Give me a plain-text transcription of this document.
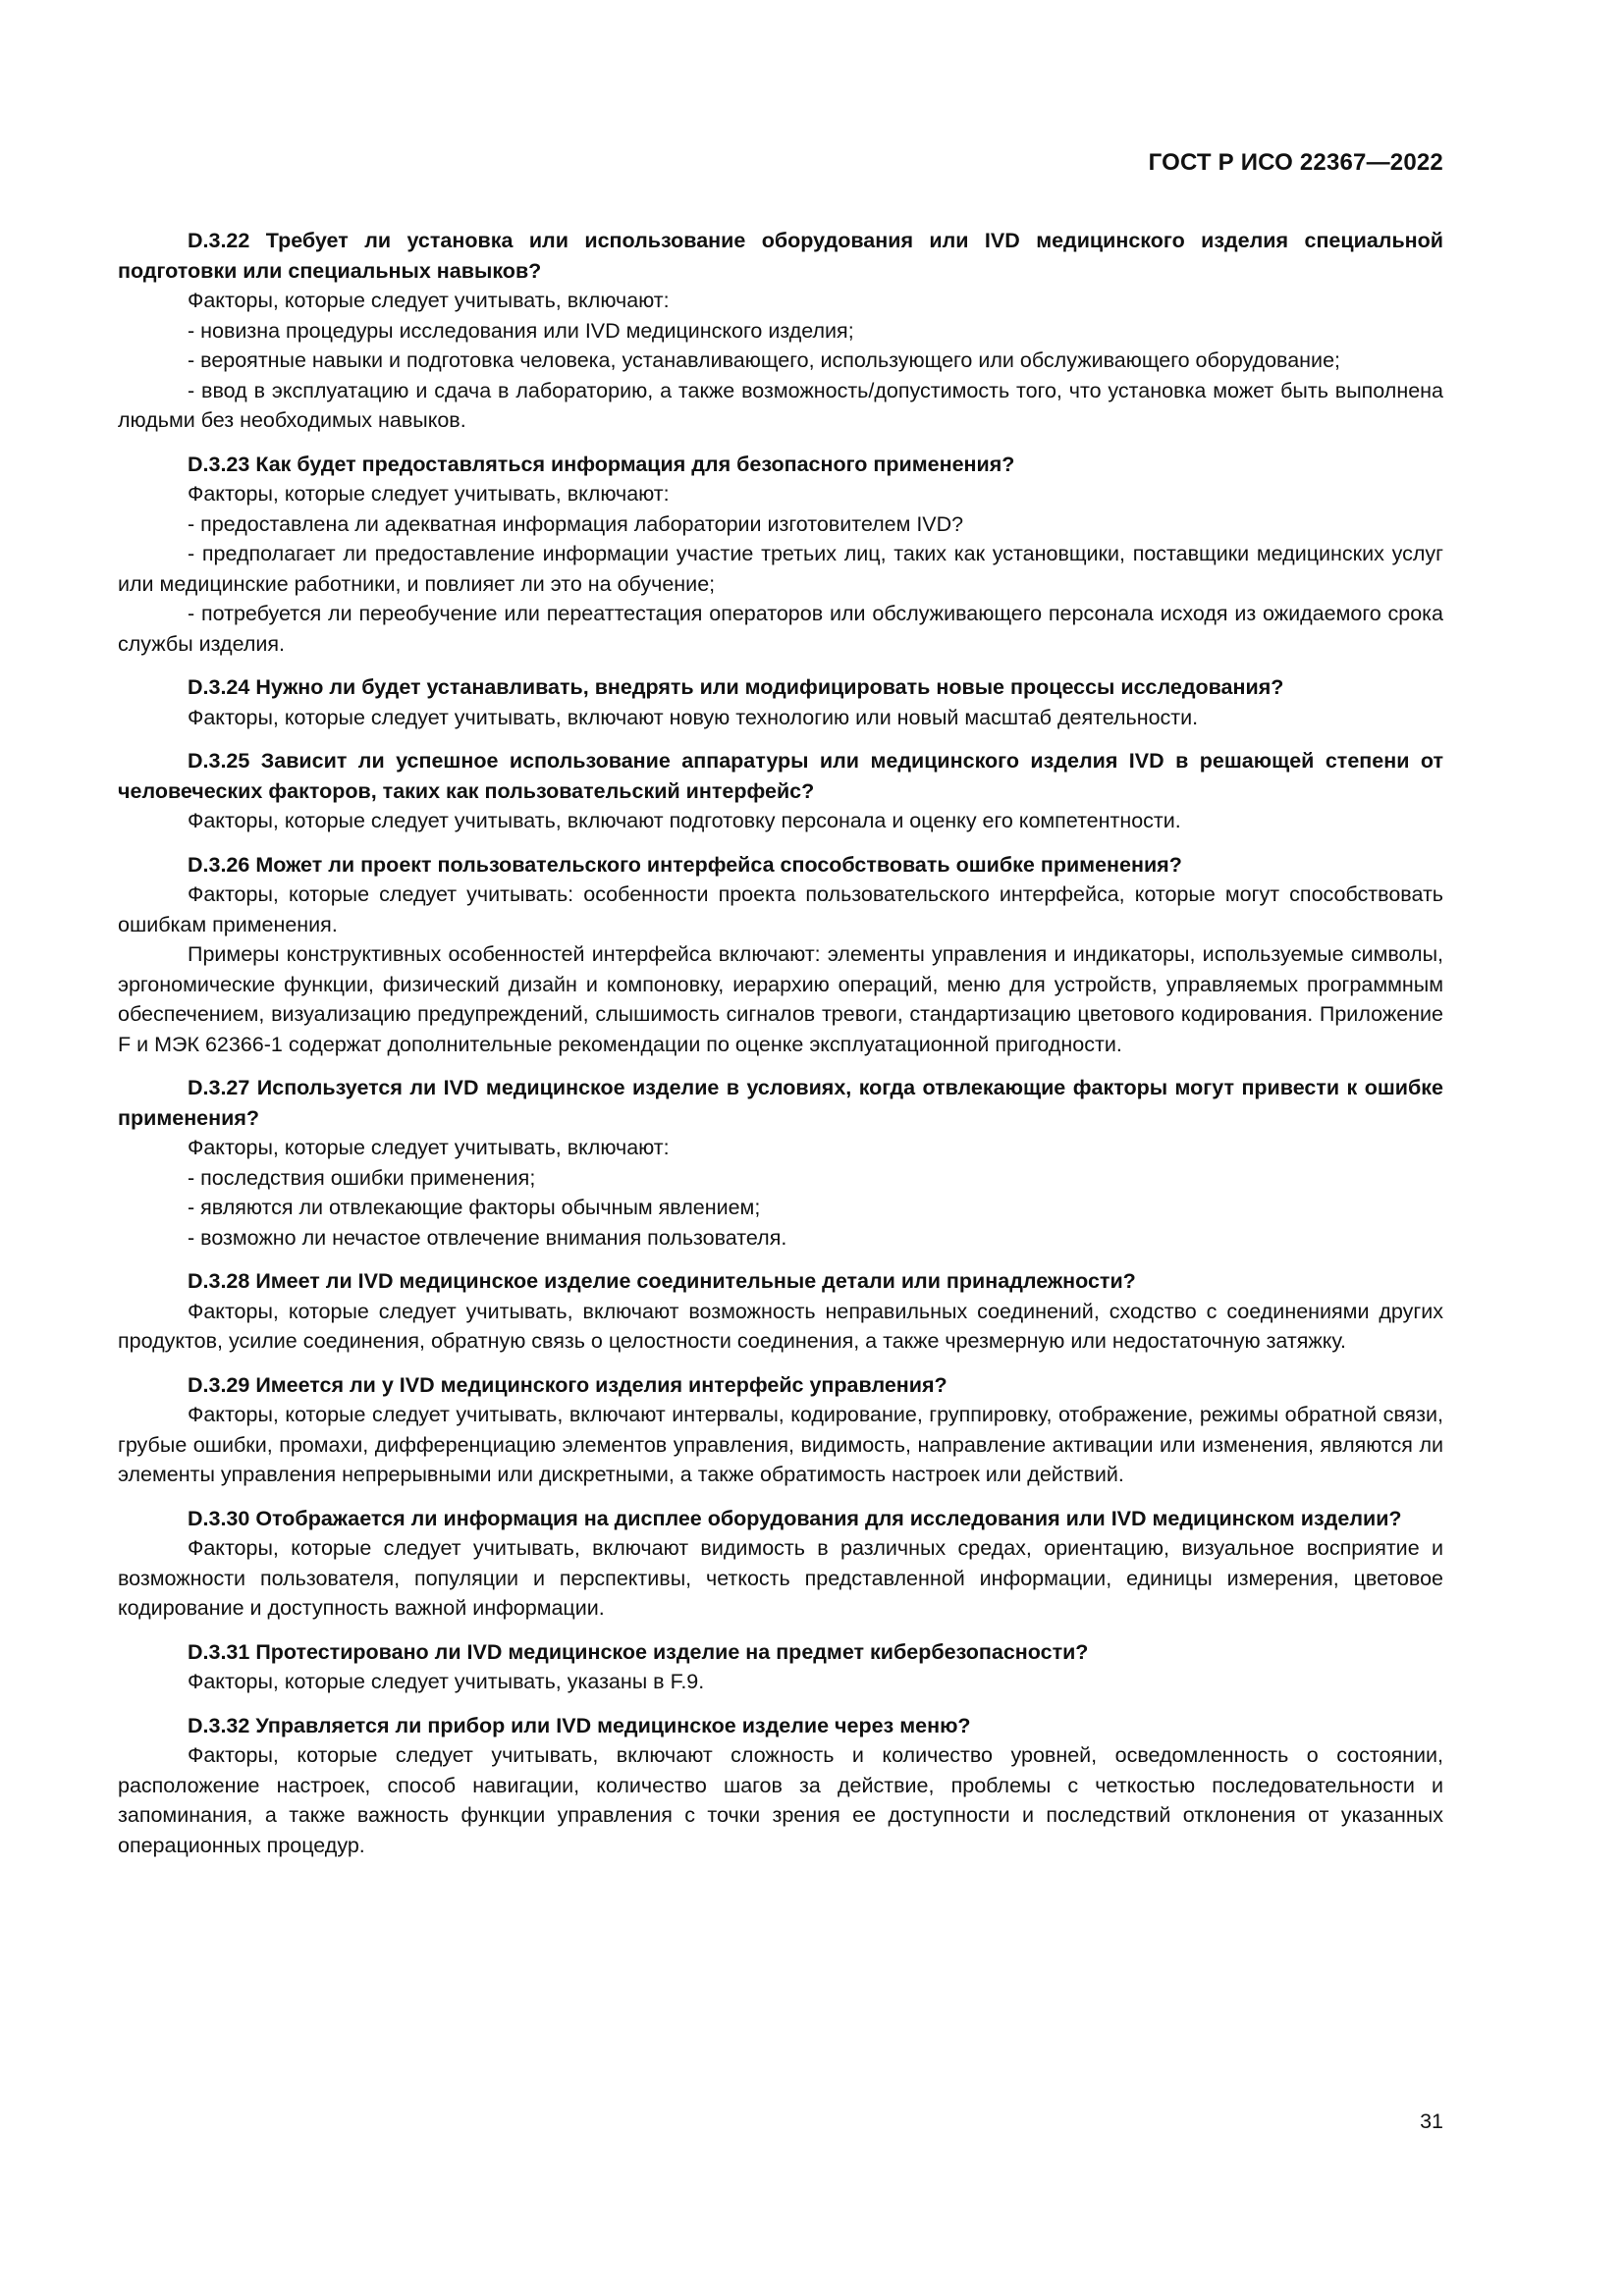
ГОСТ Р ИСО 22367—2022

D.3.22 Требует ли установка или использование оборудования или IVD медицинского изделия специальной подготовки или специальных навыков?

Факторы, которые следует учитывать, включают:

- новизна процедуры исследования или IVD медицинского изделия;

- вероятные навыки и подготовка человека, устанавливающего, использующего или обслуживающего оборудование;

- ввод в эксплуатацию и сдача в лабораторию, а также возможность/допустимость того, что установка может быть выполнена людьми без необходимых навыков.

D.3.23 Как будет предоставляться информация для безопасного применения?

Факторы, которые следует учитывать, включают:

- предоставлена ли адекватная информация лаборатории изготовителем IVD?

- предполагает ли предоставление информации участие третьих лиц, таких как установщики, поставщики медицинских услуг или медицинские работники, и повлияет ли это на обучение;

- потребуется ли переобучение или переаттестация операторов или обслуживающего персонала исходя из ожидаемого срока службы изделия.

D.3.24 Нужно ли будет устанавливать, внедрять или модифицировать новые процессы исследования?

Факторы, которые следует учитывать, включают новую технологию или новый масштаб деятельности.

D.3.25 Зависит ли успешное использование аппаратуры или медицинского изделия IVD в решающей степени от человеческих факторов, таких как пользовательский интерфейс?

Факторы, которые следует учитывать, включают подготовку персонала и оценку его компетентности.

D.3.26 Может ли проект пользовательского интерфейса способствовать ошибке применения?

Факторы, которые следует учитывать: особенности проекта пользовательского интерфейса, которые могут способствовать ошибкам применения.

Примеры конструктивных особенностей интерфейса включают: элементы управления и индикаторы, используемые символы, эргономические функции, физический дизайн и компоновку, иерархию операций, меню для устройств, управляемых программным обеспечением, визуализацию предупреждений, слышимость сигналов тревоги, стандартизацию цветового кодирования. Приложение F и МЭК 62366-1 содержат дополнительные рекомендации по оценке эксплуатационной пригодности.

D.3.27 Используется ли IVD медицинское изделие в условиях, когда отвлекающие факторы могут привести к ошибке применения?

Факторы, которые следует учитывать, включают:

- последствия ошибки применения;

- являются ли отвлекающие факторы обычным явлением;

- возможно ли нечастое отвлечение внимания пользователя.

D.3.28 Имеет ли IVD медицинское изделие соединительные детали или принадлежности?

Факторы, которые следует учитывать, включают возможность неправильных соединений, сходство с соединениями других продуктов, усилие соединения, обратную связь о целостности соединения, а также чрезмерную или недостаточную затяжку.

D.3.29 Имеется ли у IVD медицинского изделия интерфейс управления?

Факторы, которые следует учитывать, включают интервалы, кодирование, группировку, отображение, режимы обратной связи, грубые ошибки, промахи, дифференциацию элементов управления, видимость, направление активации или изменения, являются ли элементы управления непрерывными или дискретными, а также обратимость настроек или действий.

D.3.30 Отображается ли информация на дисплее оборудования для исследования или IVD медицинском изделии?

Факторы, которые следует учитывать, включают видимость в различных средах, ориентацию, визуальное восприятие и возможности пользователя, популяции и перспективы, четкость представленной информации, единицы измерения, цветовое кодирование и доступность важной информации.

D.3.31 Протестировано ли IVD медицинское изделие на предмет кибербезопасности?

Факторы, которые следует учитывать, указаны в F.9.

D.3.32 Управляется ли прибор или IVD медицинское изделие через меню?

Факторы, которые следует учитывать, включают сложность и количество уровней, осведомленность о состоянии, расположение настроек, способ навигации, количество шагов за действие, проблемы с четкостью последовательности и запоминания, а также важность функции управления с точки зрения ее доступности и последствий отклонения от указанных операционных процедур.

31
